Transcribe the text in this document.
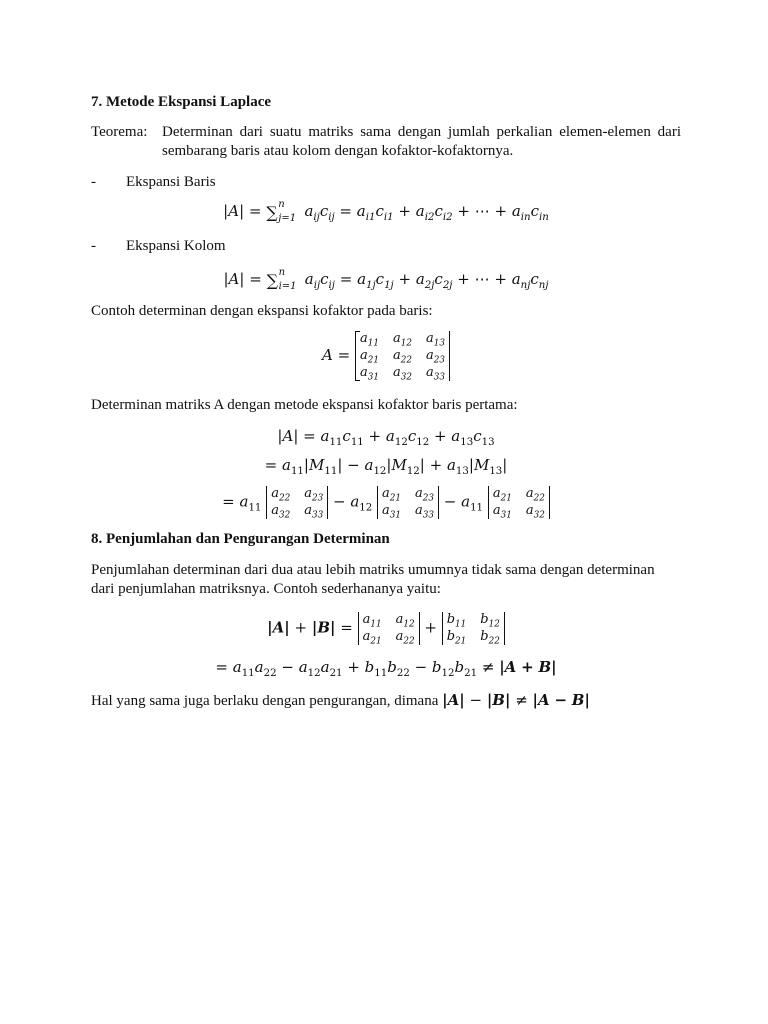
7. Metode Ekspansi Laplace

Teorema: Determinan dari suatu matriks sama dengan jumlah perkalian elemen-elemen dari
sembarang baris atau kolom dengan kofaktor-kofaktornya.
- Ekspansi Baris
|A| = ∑ n
j=1 $a_{ij}c_{ij} = a_{i1}c_{i1} + a_{i2}c_{i2}$ + ⋯ + $a_{in}c_{in}$
- Ekspansi Kolom
|A| = ∑ n
i=1 $a_{ij}c_{ij} = a_{1j}c_{1j} + a_{2j}c_{2j}$ + ⋯ + $a_{nj}c_{nj}$

Contoh determinan dengan ekspansi kofaktor pada baris:

A =
$a_{11}$ $a_{12}$ $a_{13}$
$a_{21}$ $a_{22}$ $a_{23}$
$a_{31}$ $a_{32}$ $a_{33}$

Determinan matriks A dengan metode ekspansi kofaktor baris pertama:

$|A| = a_{11}c_{11} + a_{12}c_{12} + a_{13}c_{13}$
= $a_{11}|M_{11}| - a_{12}|M_{12}| + a_{13}|M_{13}|$
= $a_{11}$
$a_{22}$ $a_{23}$
$a_{32}$ $a_{33}$
− $a_{12}$
$a_{21}$ $a_{23}$
$a_{31}$ $a_{33}$
− $a_{11}$
$a_{21}$ $a_{22}$
$a_{31}$ $a_{32}$

8. Penjumlahan dan Pengurangan Determinan

Penjumlahan determinan dari dua atau lebih matriks umumnya tidak sama dengan determinan dari penjumlahan matriksnya. Contoh sederhananya yaitu:

$|A| + |B| = a_{11}$ $a_{12}$
$a_{21}$ $a_{22}$
+ $b_{11}$ $b_{12}$
$b_{21}$ $b_{22}$
= $a_{11}a_{22} - a_{12}a_{21} + b_{11}b_{22} - b_{12}b_{21} \ne |A + B|$

Hal yang sama juga berlaku dengan pengurangan, dimana |A| − |B| ≠ |A − B|
